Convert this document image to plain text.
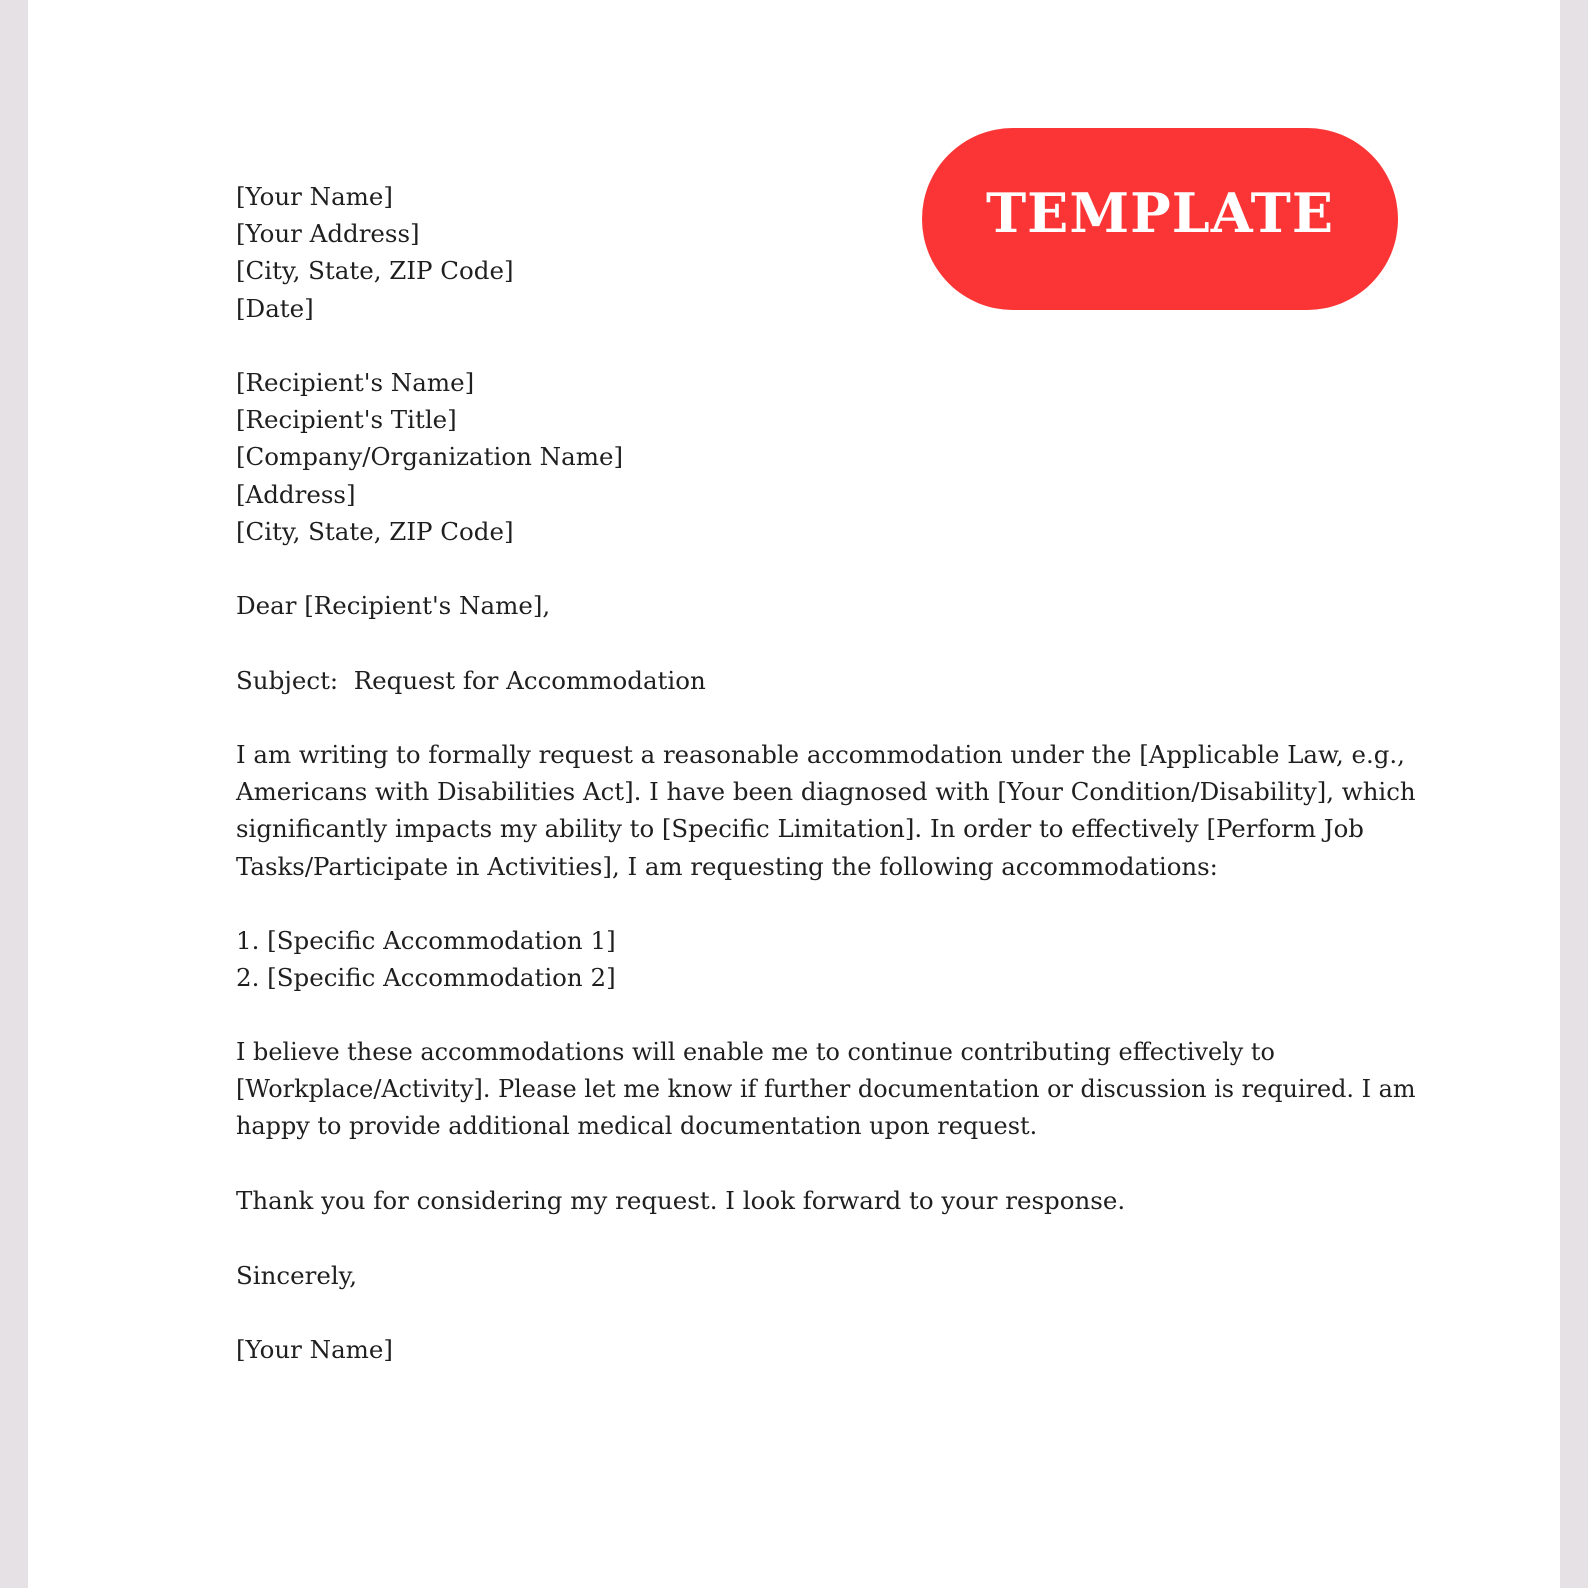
TEMPLATE
[Your Name]
[Your Address]
[City, State, ZIP Code]
[Date]
[Recipient's Name]
[Recipient's Title]
[Company/Organization Name]
[Address]
[City, State, ZIP Code]
Dear [Recipient's Name],
Subject:  Request for Accommodation
I am writing to formally request a reasonable accommodation under the [Applicable Law, e.g.,
Americans with Disabilities Act]. I have been diagnosed with [Your Condition/Disability], which
significantly impacts my ability to [Specific Limitation]. In order to effectively [Perform Job
Tasks/Participate in Activities], I am requesting the following accommodations:
1. [Specific Accommodation 1]
2. [Specific Accommodation 2]
I believe these accommodations will enable me to continue contributing effectively to
[Workplace/Activity]. Please let me know if further documentation or discussion is required. I am
happy to provide additional medical documentation upon request.
Thank you for considering my request. I look forward to your response.
Sincerely,
[Your Name]
